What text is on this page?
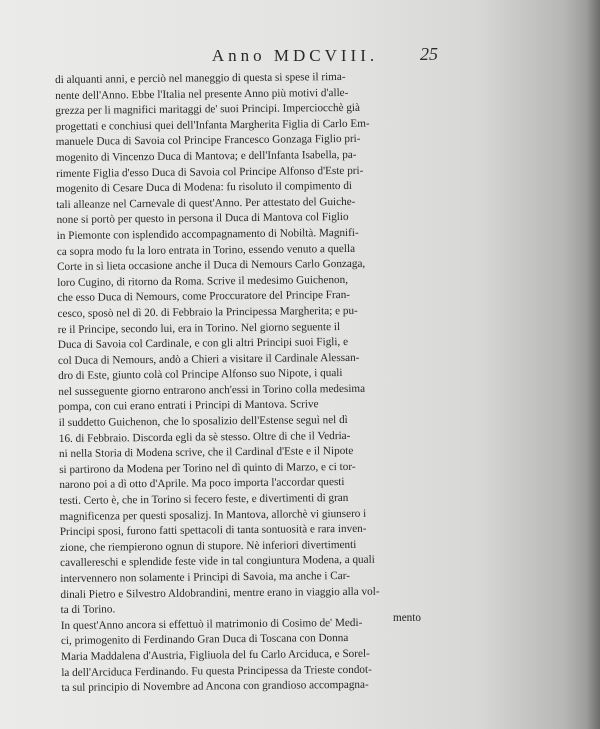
Anno MDCVIII.	25
di alquanti anni, e perciò nel maneggio di questa si spese il rima-
nente dell'Anno. Ebbe l'Italia nel presente Anno più motivi d'alle-
grezza per li magnifici maritaggi de' suoi Principi. Imperciocchè già
progettati e conchiusi quei dell'Infanta Margherita Figlia di Carlo Em-
manuele Duca di Savoia col Principe Francesco Gonzaga Figlio pri-
mogenito di Vincenzo Duca di Mantova; e dell'Infanta Isabella, pa-
rimente Figlia d'esso Duca di Savoia col Principe Alfonso d'Este pri-
mogenito di Cesare Duca di Modena: fu risoluto il compimento di
tali alleanze nel Carnevale di quest'Anno. Per attestato del Guiche-
none si portò per questo in persona il Duca di Mantova col Figlio
in Piemonte con isplendido accompagnamento di Nobiltà. Magnifi-
ca sopra modo fu la loro entrata in Torino, essendo venuto a quella
Corte in sì lieta occasione anche il Duca di Nemours Carlo Gonzaga,
loro Cugino, di ritorno da Roma. Scrive il medesimo Guichenon,
che esso Duca di Nemours, come Proccuratore del Principe Fran-
cesco, sposò nel dì 20. di Febbraio la Principessa Margherita; e pu-
re il Principe, secondo lui, era in Torino. Nel giorno seguente il
Duca di Savoia col Cardinale, e con gli altri Principi suoi Figli, e
col Duca di Nemours, andò a Chieri a visitare il Cardinale Alessan-
dro di Este, giunto colà col Principe Alfonso suo Nipote, i quali
nel susseguente giorno entrarono anch'essi in Torino colla medesima
pompa, con cui erano entrati i Principi di Mantova. Scrive
il suddetto Guichenon, che lo sposalizio dell'Estense seguì nel dì
16. di Febbraio. Discorda egli da sè stesso. Oltre di che il Vedria-
ni nella Storia di Modena scrive, che il Cardinal d'Este e il Nipote
si partirono da Modena per Torino nel dì quinto di Marzo, e ci tor-
narono poi a dì otto d'Aprile. Ma poco importa l'accordar questi
testi. Certo è, che in Torino si fecero feste, e divertimenti di gran
magnificenza per questi sposalizj. In Mantova, allorchè vi giunsero i
Principi sposi, furono fatti spettacoli di tanta sontuosità e rara inven-
zione, che riempierono ognun di stupore. Nè inferiori divertimenti
cavallereschi e splendide feste vide in tal congiuntura Modena, a quali
intervennero non solamente i Principi di Savoia, ma anche i Car-
dinali Pietro e Silvestro Aldobrandini, mentre erano in viaggio alla vol-
ta di Torino.
In quest'Anno ancora si effettuò il matrimonio di Cosimo de' Medi-
ci, primogenito di Ferdinando Gran Duca di Toscana con Donna
Maria Maddalena d'Austria, Figliuola del fu Carlo Arciduca, e Sorel-
la dell'Arciduca Ferdinando. Fu questa Principessa da Trieste condot-
ta sul principio di Novembre ad Ancona con grandioso accompagna-
mento
